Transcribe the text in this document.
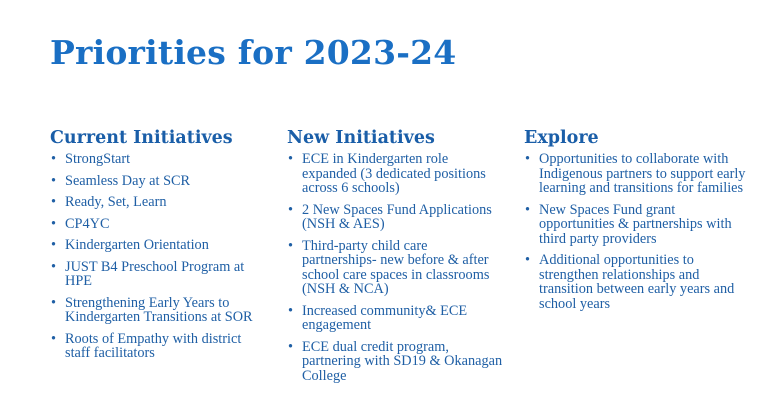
Priorities for 2023-24
Current Initiatives
• StrongStart
• Seamless Day at SCR
• Ready, Set, Learn
• CP4YC
• Kindergarten Orientation
• JUST B4 Preschool Program at HPE
• Strengthening Early Years to Kindergarten Transitions at SOR
• Roots of Empathy with district staff facilitators
New Initiatives
• ECE in Kindergarten role expanded (3 dedicated positions across 6 schools)
• 2 New Spaces Fund Applications (NSH & AES)
• Third-party child care partnerships- new before & after school care spaces in classrooms (NSH & NCA)
• Increased community& ECE engagement
• ECE dual credit program, partnering with SD19 & Okanagan College
Explore
• Opportunities to collaborate with Indigenous partners to support early learning and transitions for families
• New Spaces Fund grant opportunities & partnerships with third party providers
• Additional opportunities to strengthen relationships and transition between early years and school years
